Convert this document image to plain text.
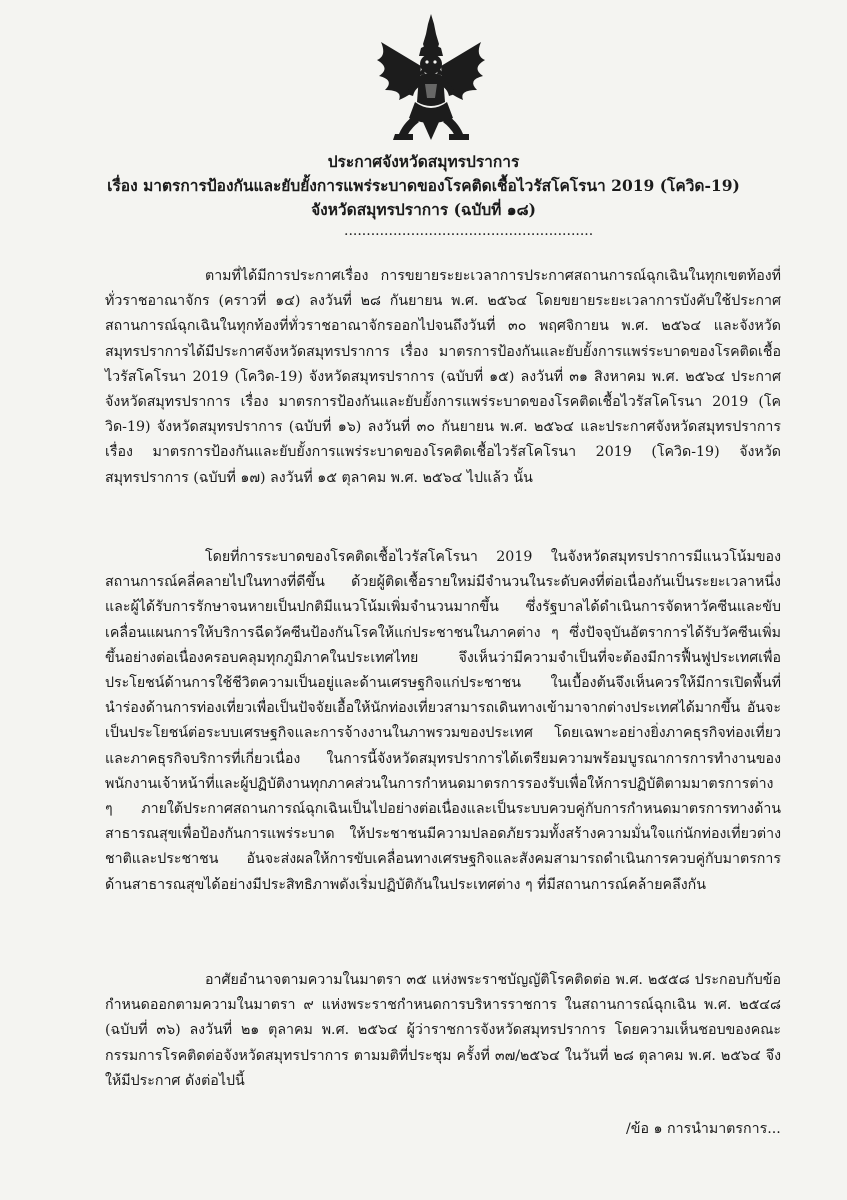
ประกาศจังหวัดสมุทรปราการ
เรื่อง มาตรการป้องกันและยับยั้งการแพร่ระบาดของโรคติดเชื้อไวรัสโคโรนา 2019 (โควิด-19)
จังหวัดสมุทรปราการ (ฉบับที่ ๑๘)
........................................................

ตามที่ได้มีการประกาศเรื่อง การขยายระยะเวลาการประกาศสถานการณ์ฉุกเฉินในทุกเขตท้องที่ทั่วราชอาณาจักร (คราวที่ ๑๔) ลงวันที่ ๒๘ กันยายน พ.ศ. ๒๕๖๔ โดยขยายระยะเวลาการบังคับใช้ประกาศสถานการณ์ฉุกเฉินในทุกท้องที่ทั่วราชอาณาจักรออกไปจนถึงวันที่ ๓๐ พฤศจิกายน พ.ศ. ๒๕๖๔ และจังหวัดสมุทรปราการได้มีประกาศจังหวัดสมุทรปราการ เรื่อง มาตรการป้องกันและยับยั้งการแพร่ระบาดของโรคติดเชื้อไวรัสโคโรนา 2019 (โควิด-19) จังหวัดสมุทรปราการ (ฉบับที่ ๑๕) ลงวันที่ ๓๑ สิงหาคม พ.ศ. ๒๕๖๔ ประกาศจังหวัดสมุทรปราการ เรื่อง มาตรการป้องกันและยับยั้งการแพร่ระบาดของโรคติดเชื้อไวรัสโคโรนา 2019 (โควิด-19) จังหวัดสมุทรปราการ (ฉบับที่ ๑๖) ลงวันที่ ๓๐ กันยายน พ.ศ. ๒๕๖๔ และประกาศจังหวัดสมุทรปราการ เรื่อง มาตรการป้องกันและยับยั้งการแพร่ระบาดของโรคติดเชื้อไวรัสโคโรนา 2019 (โควิด-19) จังหวัดสมุทรปราการ (ฉบับที่ ๑๗) ลงวันที่ ๑๕ ตุลาคม พ.ศ. ๒๕๖๔ ไปแล้ว นั้น

โดยที่การระบาดของโรคติดเชื้อไวรัสโคโรนา 2019 ในจังหวัดสมุทรปราการมีแนวโน้มของสถานการณ์คลี่คลายไปในทางที่ดีขึ้น ด้วยผู้ติดเชื้อรายใหม่มีจำนวนในระดับคงที่ต่อเนื่องกันเป็นระยะเวลาหนึ่ง และผู้ได้รับการรักษาจนหายเป็นปกติมีแนวโน้มเพิ่มจำนวนมากขึ้น ซึ่งรัฐบาลได้ดำเนินการจัดหาวัคซีนและขับเคลื่อนแผนการให้บริการฉีดวัคซีนป้องกันโรคให้แก่ประชาชนในภาคต่าง ๆ ซึ่งปัจจุบันอัตราการได้รับวัคซีนเพิ่มขึ้นอย่างต่อเนื่องครอบคลุมทุกภูมิภาคในประเทศไทย จึงเห็นว่ามีความจำเป็นที่จะต้องมีการฟื้นฟูประเทศเพื่อประโยชน์ด้านการใช้ชีวิตความเป็นอยู่และด้านเศรษฐกิจแก่ประชาชน ในเบื้องต้นจึงเห็นควรให้มีการเปิดพื้นที่นำร่องด้านการท่องเที่ยวเพื่อเป็นปัจจัยเอื้อให้นักท่องเที่ยวสามารถเดินทางเข้ามาจากต่างประเทศได้มากขึ้น อันจะเป็นประโยชน์ต่อระบบเศรษฐกิจและการจ้างงานในภาพรวมของประเทศ โดยเฉพาะอย่างยิ่งภาคธุรกิจท่องเที่ยวและภาคธุรกิจบริการที่เกี่ยวเนื่อง ในการนี้จังหวัดสมุทรปราการได้เตรียมความพร้อมบูรณาการการทำงานของพนักงานเจ้าหน้าที่และผู้ปฏิบัติงานทุกภาคส่วนในการกำหนดมาตรการรองรับเพื่อให้การปฏิบัติตามมาตรการต่าง ๆ ภายใต้ประกาศสถานการณ์ฉุกเฉินเป็นไปอย่างต่อเนื่องและเป็นระบบควบคู่กับการกำหนดมาตรการทางด้านสาธารณสุขเพื่อป้องกันการแพร่ระบาด ให้ประชาชนมีความปลอดภัยรวมทั้งสร้างความมั่นใจแก่นักท่องเที่ยวต่างชาติและประชาชน อันจะส่งผลให้การขับเคลื่อนทางเศรษฐกิจและสังคมสามารถดำเนินการควบคู่กับมาตรการด้านสาธารณสุขได้อย่างมีประสิทธิภาพดังเริ่มปฏิบัติกันในประเทศต่าง ๆ ที่มีสถานการณ์คล้ายคลึงกัน

อาศัยอำนาจตามความในมาตรา ๓๕ แห่งพระราชบัญญัติโรคติดต่อ พ.ศ. ๒๕๕๘ ประกอบกับข้อกำหนดออกตามความในมาตรา ๙ แห่งพระราชกำหนดการบริหารราชการ ในสถานการณ์ฉุกเฉิน พ.ศ. ๒๕๔๘ (ฉบับที่ ๓๖) ลงวันที่ ๒๑ ตุลาคม พ.ศ. ๒๕๖๔ ผู้ว่าราชการจังหวัดสมุทรปราการ โดยความเห็นชอบของคณะกรรมการโรคติดต่อจังหวัดสมุทรปราการ ตามมติที่ประชุม ครั้งที่ ๓๗/๒๕๖๔ ในวันที่ ๒๘ ตุลาคม พ.ศ. ๒๕๖๔ จึงให้มีประกาศ ดังต่อไปนี้

/ข้อ ๑ การนำมาตรการ...
